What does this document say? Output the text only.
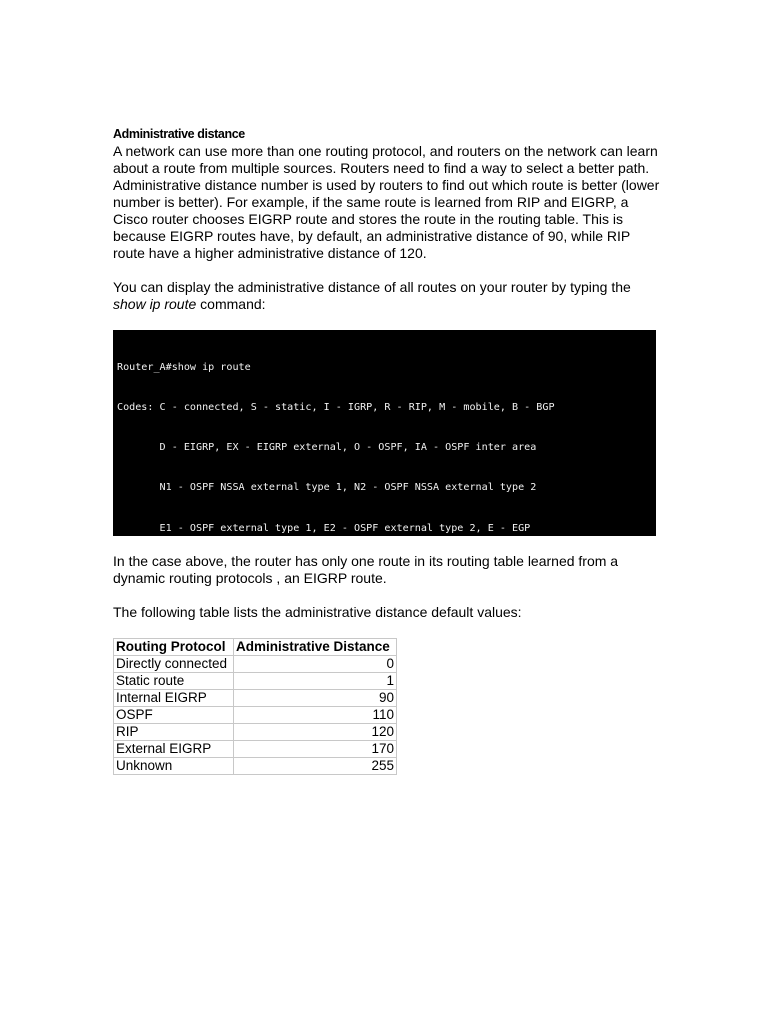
Administrative distance

A network can use more than one routing protocol, and routers on the network can learn about a route from multiple sources. Routers need to find a way to select a better path. Administrative distance number is used by routers to find out which route is better (lower number is better). For example, if the same route is learned from RIP and EIGRP, a Cisco router chooses EIGRP route and stores the route in the routing table. This is because EIGRP routes have, by default, an administrative distance of 90, while RIP route have a higher administrative distance of 120.

You can display the administrative distance of all routes on your router by typing the show ip route command:

Router_A#show ip route

Codes: C - connected, S - static, I - IGRP, R - RIP, M - mobile, B - BGP

D - EIGRP, EX - EIGRP external, O - OSPF, IA - OSPF inter area

N1 - OSPF NSSA external type 1, N2 - OSPF NSSA external type 2

E1 - OSPF external type 1, E2 - OSPF external type 2, E - EGP

In the case above, the router has only one route in its routing table learned from a dynamic routing protocols , an EIGRP route.

The following table lists the administrative distance default values:

Routing Protocol	Administrative Distance
Directly connected	0
Static route	1
Internal EIGRP	90
OSPF	110
RIP	120
External EIGRP	170
Unknown	255
